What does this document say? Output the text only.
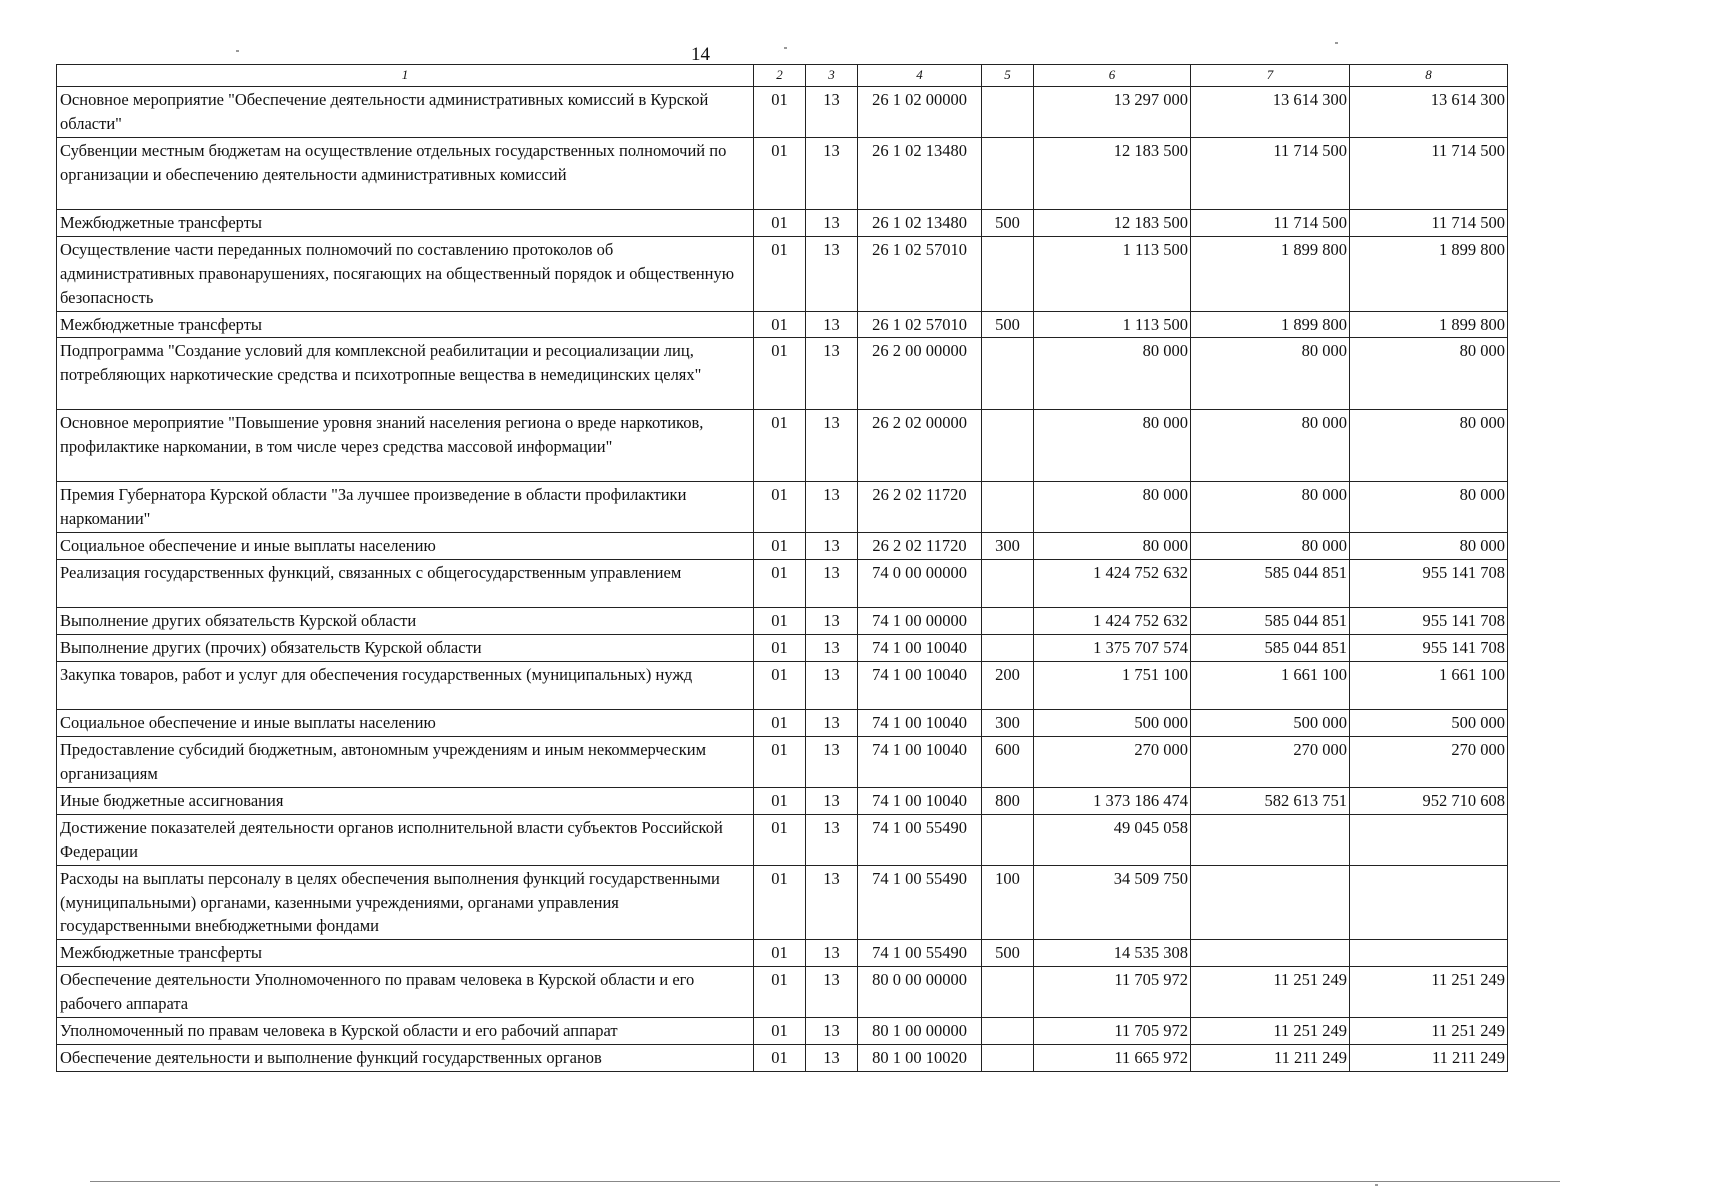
14
1	2	3	4	5	6	7	8
Основное мероприятие "Обеспечение деятельности административных комиссий в Курской области"	01	13	26 1 02 00000		13 297 000	13 614 300	13 614 300
Субвенции местным бюджетам на осуществление отдельных государственных полномочий по организации и обеспечению деятельности административных комиссий	01	13	26 1 02 13480		12 183 500	11 714 500	11 714 500
Межбюджетные трансферты	01	13	26 1 02 13480	500	12 183 500	11 714 500	11 714 500
Осуществление части переданных полномочий по составлению протоколов об административных правонарушениях, посягающих на общественный порядок и общественную безопасность	01	13	26 1 02 57010		1 113 500	1 899 800	1 899 800
Межбюджетные трансферты	01	13	26 1 02 57010	500	1 113 500	1 899 800	1 899 800
Подпрограмма "Создание условий для комплексной реабилитации и ресоциализации лиц, потребляющих наркотические средства и психотропные вещества в немедицинских целях"	01	13	26 2 00 00000		80 000	80 000	80 000
Основное мероприятие "Повышение уровня знаний населения региона о вреде наркотиков, профилактике наркомании, в том числе через средства массовой информации"	01	13	26 2 02 00000		80 000	80 000	80 000
Премия Губернатора Курской области "За лучшее произведение в области профилактики наркомании"	01	13	26 2 02 11720		80 000	80 000	80 000
Социальное обеспечение и иные выплаты населению	01	13	26 2 02 11720	300	80 000	80 000	80 000
Реализация государственных функций, связанных с общегосударственным управлением	01	13	74 0 00 00000		1 424 752 632	585 044 851	955 141 708
Выполнение других обязательств Курской области	01	13	74 1 00 00000		1 424 752 632	585 044 851	955 141 708
Выполнение других (прочих) обязательств Курской области	01	13	74 1 00 10040		1 375 707 574	585 044 851	955 141 708
Закупка товаров, работ и услуг для обеспечения государственных (муниципальных) нужд	01	13	74 1 00 10040	200	1 751 100	1 661 100	1 661 100
Социальное обеспечение и иные выплаты населению	01	13	74 1 00 10040	300	500 000	500 000	500 000
Предоставление субсидий бюджетным, автономным учреждениям и иным некоммерческим организациям	01	13	74 1 00 10040	600	270 000	270 000	270 000
Иные бюджетные ассигнования	01	13	74 1 00 10040	800	1 373 186 474	582 613 751	952 710 608
Достижение показателей деятельности органов исполнительной власти субъектов Российской Федерации	01	13	74 1 00 55490		49 045 058		
Расходы на выплаты персоналу в целях обеспечения выполнения функций государственными (муниципальными) органами, казенными учреждениями, органами управления государственными внебюджетными фондами	01	13	74 1 00 55490	100	34 509 750		
Межбюджетные трансферты	01	13	74 1 00 55490	500	14 535 308		
Обеспечение деятельности Уполномоченного по правам человека в Курской области и его рабочего аппарата	01	13	80 0 00 00000		11 705 972	11 251 249	11 251 249
Уполномоченный по правам человека в Курской области и его рабочий аппарат	01	13	80 1 00 00000		11 705 972	11 251 249	11 251 249
Обеспечение деятельности и выполнение функций государственных органов	01	13	80 1 00 10020		11 665 972	11 211 249	11 211 249
